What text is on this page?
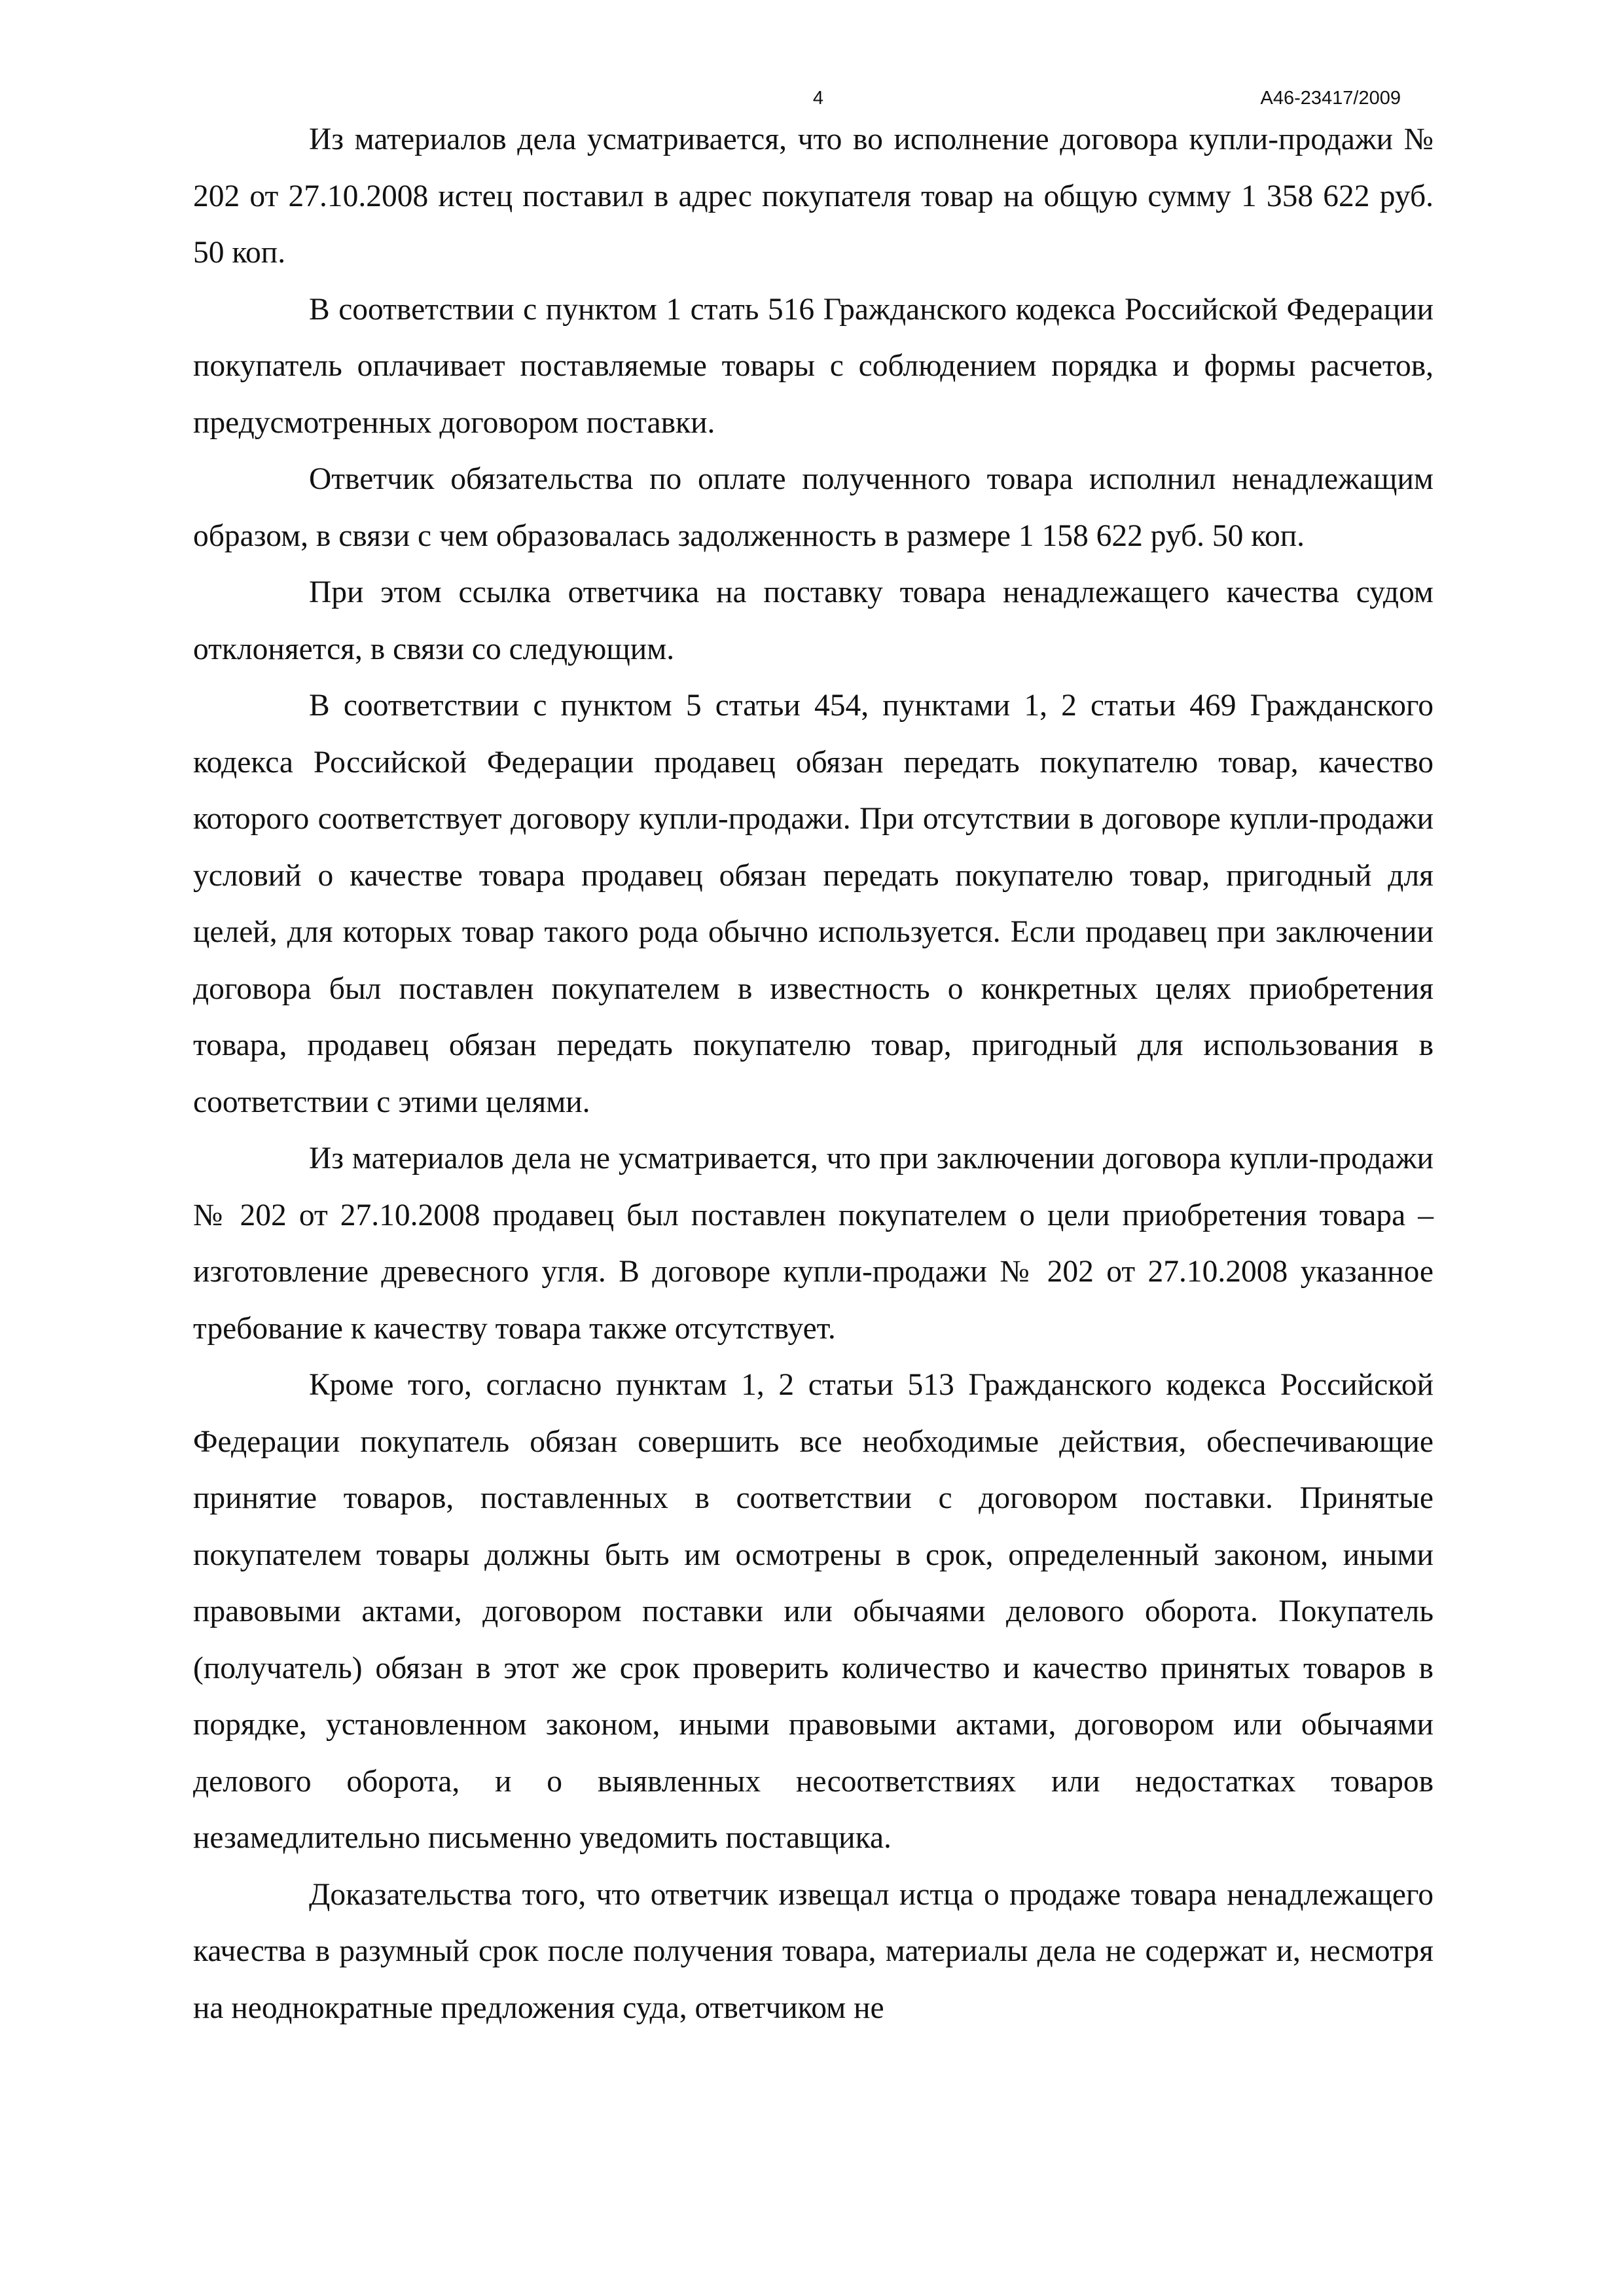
4	А46-23417/2009

Из материалов дела усматривается, что во исполнение договора купли-продажи № 202 от 27.10.2008 истец поставил в адрес покупателя товар на общую сумму 1 358 622 руб. 50 коп.

В соответствии с пунктом 1 стать 516 Гражданского кодекса Российской Федерации покупатель оплачивает поставляемые товары с соблюдением порядка и формы расчетов, предусмотренных договором поставки.

Ответчик обязательства по оплате полученного товара исполнил ненадлежащим образом, в связи с чем образовалась задолженность в размере 1 158 622 руб. 50 коп.

При этом ссылка ответчика на поставку товара ненадлежащего качества судом отклоняется, в связи со следующим.

В соответствии с пунктом 5 статьи 454, пунктами 1, 2 статьи 469 Гражданского кодекса Российской Федерации продавец обязан передать покупателю товар, качество которого соответствует договору купли-продажи. При отсутствии в договоре купли-продажи условий о качестве товара продавец обязан передать покупателю товар, пригодный для целей, для которых товар такого рода обычно используется. Если продавец при заключении договора был поставлен покупателем в известность о конкретных целях приобретения товара, продавец обязан передать покупателю товар, пригодный для использования в соответствии с этими целями.

Из материалов дела не усматривается, что при заключении договора купли-продажи № 202 от 27.10.2008 продавец был поставлен покупателем о цели приобретения товара – изготовление древесного угля. В договоре купли-продажи № 202 от 27.10.2008 указанное требование к качеству товара также отсутствует.

Кроме того, согласно пунктам 1, 2 статьи 513 Гражданского кодекса Российской Федерации покупатель обязан совершить все необходимые действия, обеспечивающие принятие товаров, поставленных в соответствии с договором поставки. Принятые покупателем товары должны быть им осмотрены в срок, определенный законом, иными правовыми актами, договором поставки или обычаями делового оборота. Покупатель (получатель) обязан в этот же срок проверить количество и качество принятых товаров в порядке, установленном законом, иными правовыми актами, договором или обычаями делового оборота, и о выявленных несоответствиях или недостатках товаров незамедлительно письменно уведомить поставщика.

Доказательства того, что ответчик извещал истца о продаже товара ненадлежащего качества в разумный срок после получения товара, материалы дела не содержат и, несмотря на неоднократные предложения суда, ответчиком не
